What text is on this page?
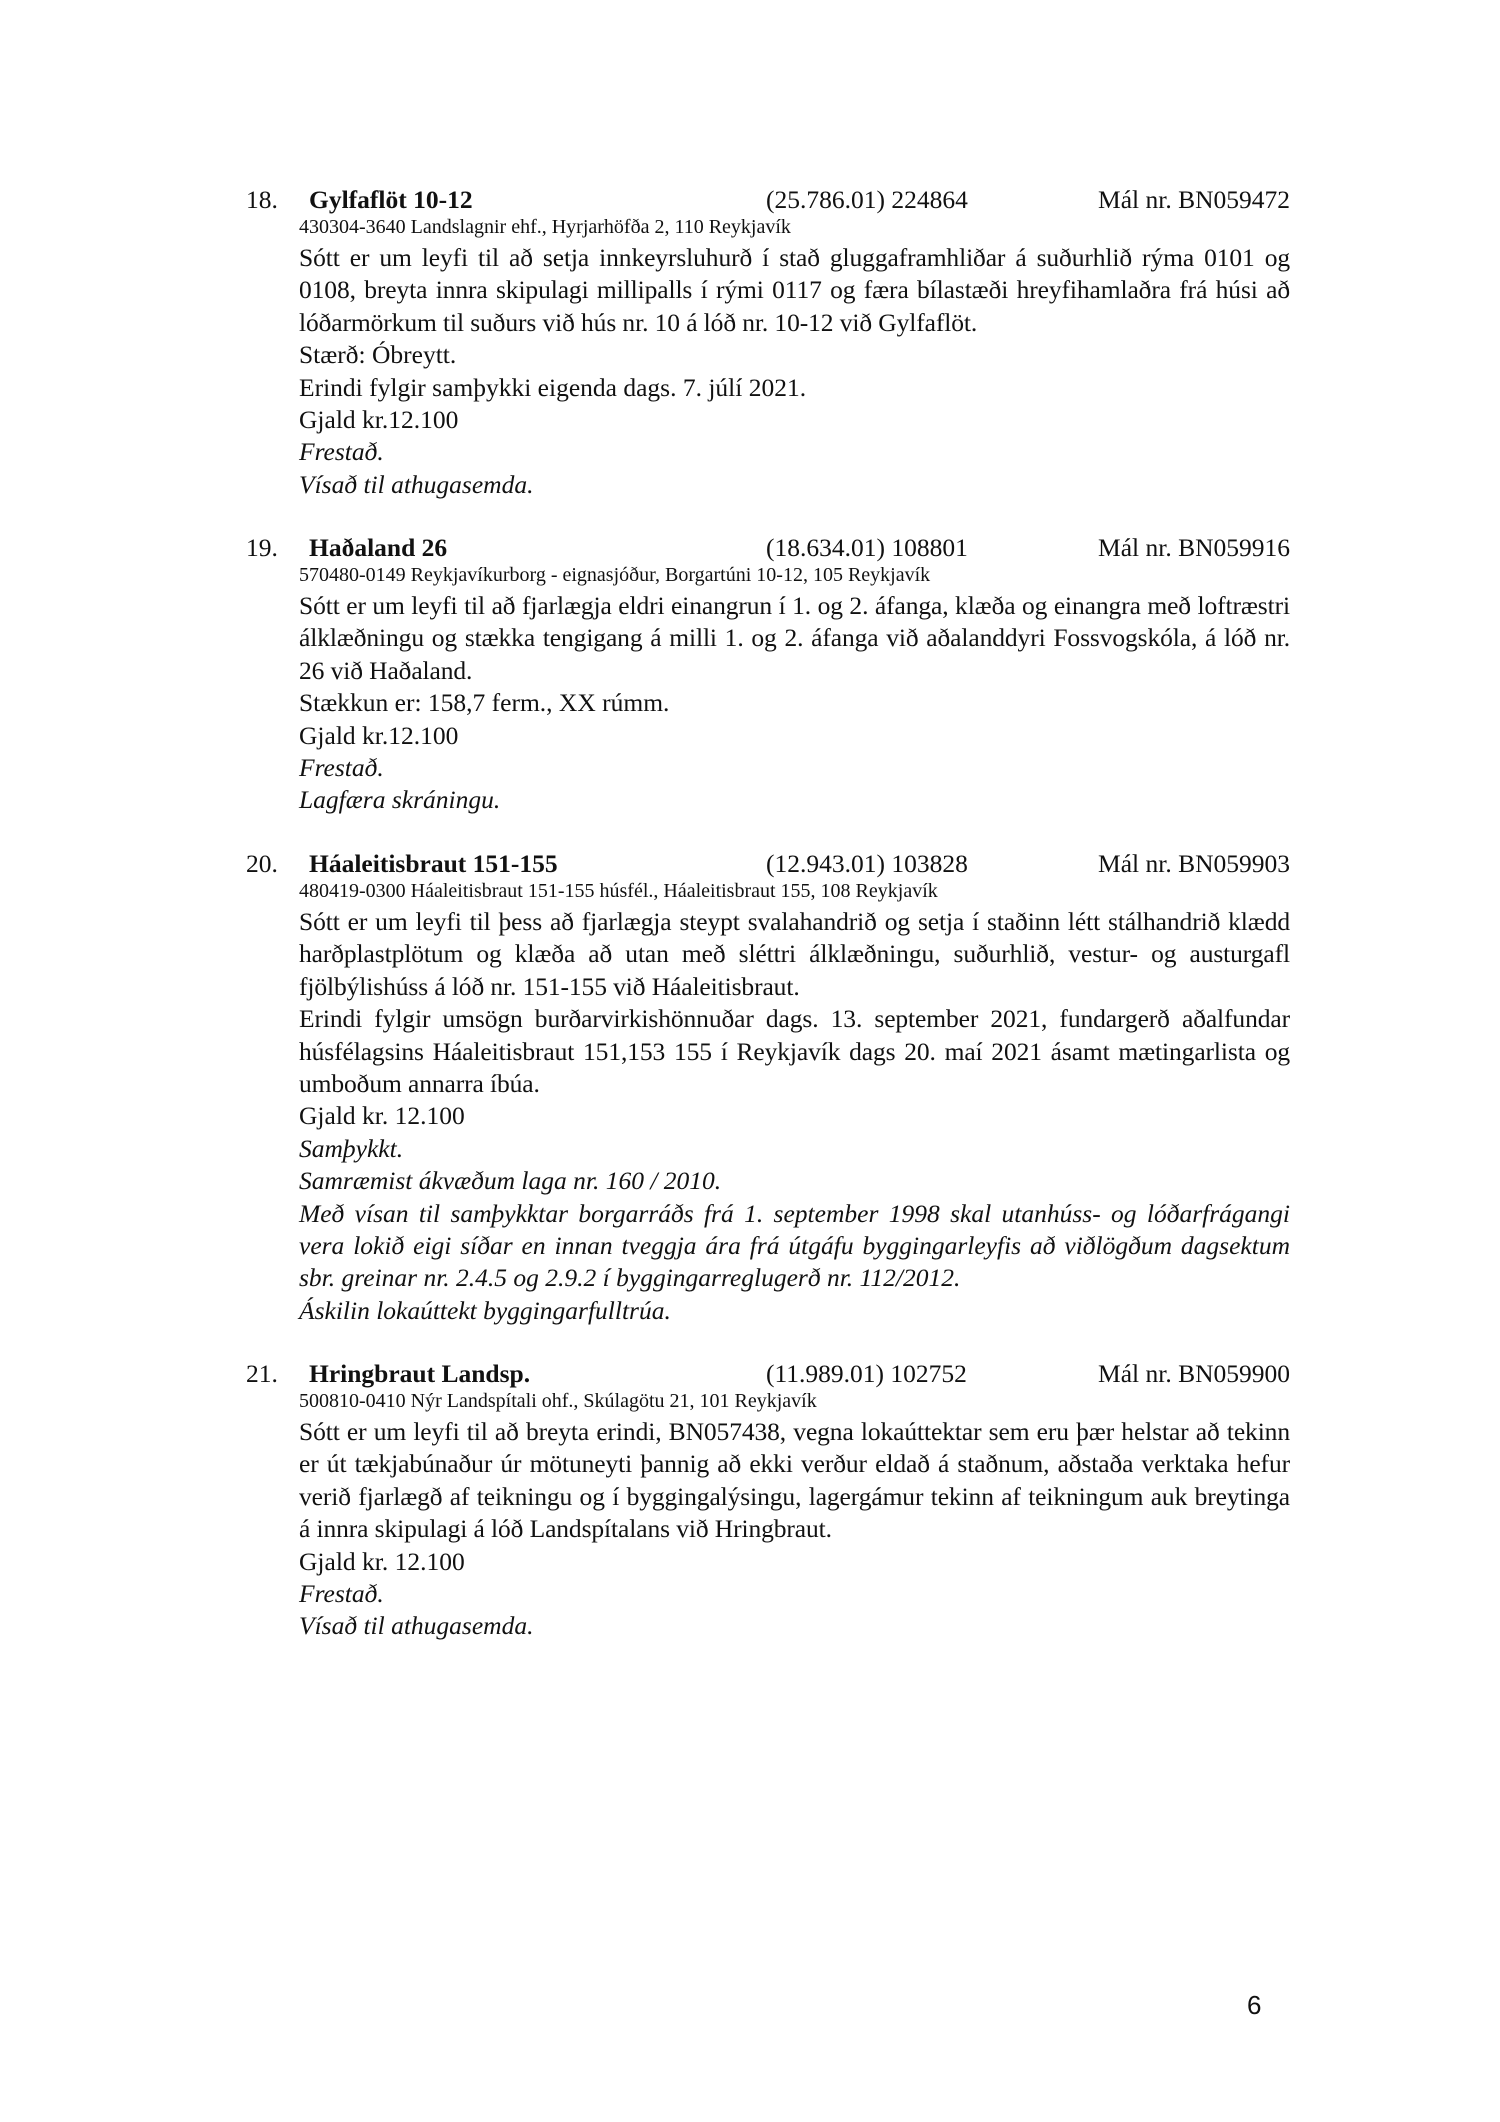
18. Gylfaflöt 10-12	(25.786.01) 224864	Mál nr. BN059472
430304-3640 Landslagnir ehf., Hyrjarhöfða 2, 110 Reykjavík

Sótt er um leyfi til að setja innkeyrsluhurð í stað gluggaframhliðar á suðurhlið rýma 0101 og 0108, breyta innra skipulagi millipalls í rými 0117 og færa bílastæði hreyfihamlaðra frá húsi að lóðarmörkum til suðurs við hús nr. 10 á lóð nr. 10-12 við Gylfaflöt.

Stærð: Óbreytt.

Erindi fylgir samþykki eigenda dags. 7. júlí 2021.

Gjald kr.12.100

Frestað.

Vísað til athugasemda.

19. Haðaland 26	(18.634.01) 108801	Mál nr. BN059916
570480-0149 Reykjavíkurborg - eignasjóður, Borgartúni 10-12, 105 Reykjavík

Sótt er um leyfi til að fjarlægja eldri einangrun í 1. og 2. áfanga, klæða og einangra með loftræstri álklæðningu og stækka tengigang á milli 1. og 2. áfanga við aðalanddyri Fossvogskóla, á lóð nr. 26 við Haðaland.

Stækkun er: 158,7 ferm., XX rúmm.

Gjald kr.12.100

Frestað.

Lagfæra skráningu.

20. Háaleitisbraut 151-155	(12.943.01) 103828	Mál nr. BN059903
480419-0300 Háaleitisbraut 151-155 húsfél., Háaleitisbraut 155, 108 Reykjavík

Sótt er um leyfi til þess að fjarlægja steypt svalahandrið og setja í staðinn létt stálhandrið klædd harðplastplötum og klæða að utan með sléttri álklæðningu, suðurhlið, vestur- og austurgafl fjölbýlishúss á lóð nr. 151-155 við Háaleitisbraut.

Erindi fylgir umsögn burðarvirkishönnuðar dags. 13. september 2021, fundargerð aðalfundar húsfélagsins Háaleitisbraut 151,153 155 í Reykjavík dags 20. maí 2021 ásamt mætingarlista og umboðum annarra íbúa.

Gjald kr. 12.100

Samþykkt.

Samræmist ákvæðum laga nr. 160 / 2010.

Með vísan til samþykktar borgarráðs frá 1. september 1998 skal utanhúss- og lóðarfrágangi vera lokið eigi síðar en innan tveggja ára frá útgáfu byggingarleyfis að viðlögðum dagsektum sbr. greinar nr. 2.4.5 og 2.9.2 í byggingarreglugerð nr. 112/2012.

Áskilin lokaúttekt byggingarfulltrúa.

21. Hringbraut Landsp.	(11.989.01) 102752	Mál nr. BN059900
500810-0410 Nýr Landspítali ohf., Skúlagötu 21, 101 Reykjavík

Sótt er um leyfi til að breyta erindi, BN057438, vegna lokaúttektar sem eru þær helstar að tekinn er út tækjabúnaður úr mötuneyti þannig að ekki verður eldað á staðnum, aðstaða verktaka hefur verið fjarlægð af teikningu og í byggingalýsingu, lagergámur tekinn af teikningum auk breytinga á innra skipulagi á lóð Landspítalans við Hringbraut.

Gjald kr. 12.100

Frestað.

Vísað til athugasemda.

6
